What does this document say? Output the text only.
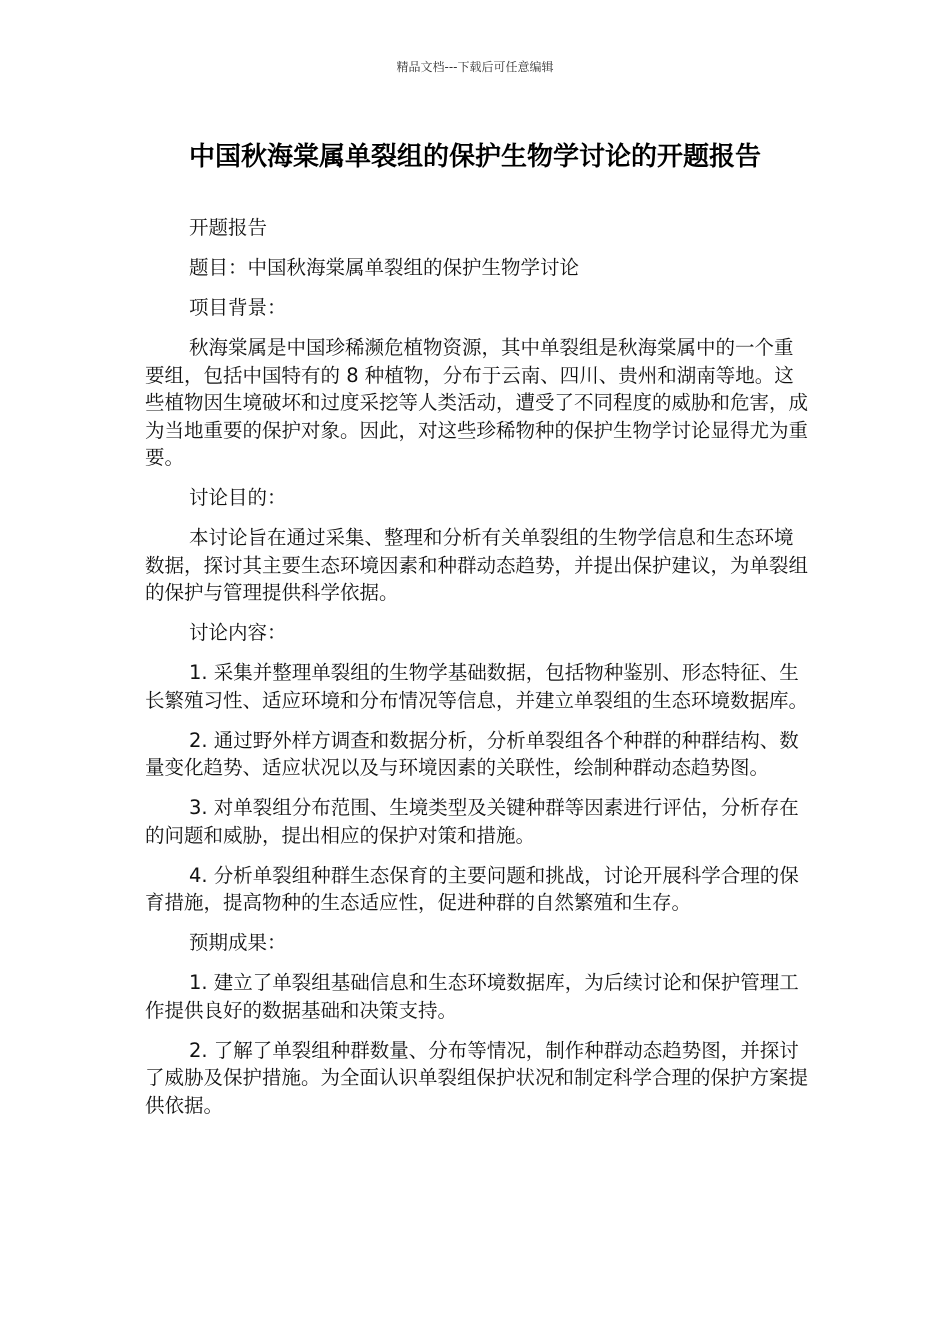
精品文档---下载后可任意编辑
中国秋海棠属单裂组的保护生物学讨论的开题报告

开题报告

题目：中国秋海棠属单裂组的保护生物学讨论

项目背景：

秋海棠属是中国珍稀濒危植物资源，其中单裂组是秋海棠属中的一个重要组，包括中国特有的 8 种植物，分布于云南、四川、贵州和湖南等地。这些植物因生境破坏和过度采挖等人类活动，遭受了不同程度的威胁和危害，成为当地重要的保护对象。因此，对这些珍稀物种的保护生物学讨论显得尤为重要。

讨论目的：

本讨论旨在通过采集、整理和分析有关单裂组的生物学信息和生态环境数据，探讨其主要生态环境因素和种群动态趋势，并提出保护建议，为单裂组的保护与管理提供科学依据。

讨论内容：

1. 采集并整理单裂组的生物学基础数据，包括物种鉴别、形态特征、生长繁殖习性、适应环境和分布情况等信息，并建立单裂组的生态环境数据库。

2. 通过野外样方调查和数据分析，分析单裂组各个种群的种群结构、数量变化趋势、适应状况以及与环境因素的关联性，绘制种群动态趋势图。

3. 对单裂组分布范围、生境类型及关键种群等因素进行评估，分析存在的问题和威胁，提出相应的保护对策和措施。

4. 分析单裂组种群生态保育的主要问题和挑战，讨论开展科学合理的保育措施，提高物种的生态适应性，促进种群的自然繁殖和生存。

预期成果：

1. 建立了单裂组基础信息和生态环境数据库，为后续讨论和保护管理工作提供良好的数据基础和决策支持。

2. 了解了单裂组种群数量、分布等情况，制作种群动态趋势图，并探讨了威胁及保护措施。为全面认识单裂组保护状况和制定科学合理的保护方案提供依据。
